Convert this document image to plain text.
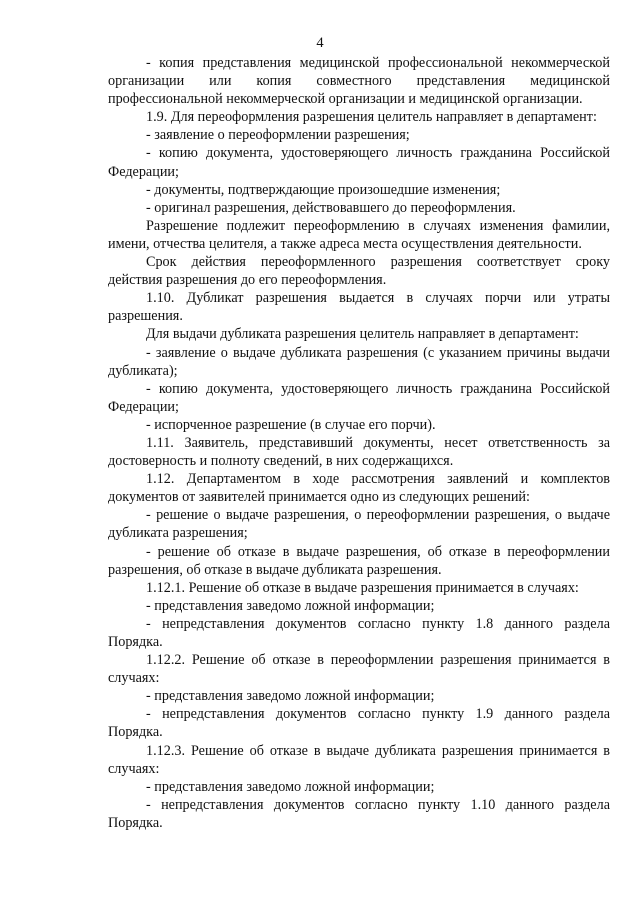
4

- копия представления медицинской профессиональной некоммерческой организации или копия совместного представления медицинской профессиональной некоммерческой организации и медицинской организации.

1.9. Для переоформления разрешения целитель направляет в департамент:

- заявление о переоформлении разрешения;

- копию документа, удостоверяющего личность гражданина Российской Федерации;

- документы, подтверждающие произошедшие изменения;

- оригинал разрешения, действовавшего до переоформления.

Разрешение подлежит переоформлению в случаях изменения фамилии, имени, отчества целителя, а также адреса места осуществления деятельности.

Срок действия переоформленного разрешения соответствует сроку действия разрешения до его переоформления.

1.10. Дубликат разрешения выдается в случаях порчи или утраты разрешения.

Для выдачи дубликата разрешения целитель направляет в департамент:

- заявление о выдаче дубликата разрешения (с указанием причины выдачи дубликата);

- копию документа, удостоверяющего личность гражданина Российской Федерации;

- испорченное разрешение (в случае его порчи).

1.11. Заявитель, представивший документы, несет ответственность за достоверность и полноту сведений, в них содержащихся.

1.12. Департаментом в ходе рассмотрения заявлений и комплектов документов от заявителей принимается одно из следующих решений:

- решение о выдаче разрешения, о переоформлении разрешения, о выдаче дубликата разрешения;

- решение об отказе в выдаче разрешения, об отказе в переоформлении разрешения, об отказе в выдаче дубликата разрешения.

1.12.1. Решение об отказе в выдаче разрешения принимается в случаях:

- представления заведомо ложной информации;

- непредставления документов согласно пункту 1.8 данного раздела Порядка.

1.12.2. Решение об отказе в переоформлении разрешения принимается в случаях:

- представления заведомо ложной информации;

- непредставления документов согласно пункту 1.9 данного раздела Порядка.

1.12.3. Решение об отказе в выдаче дубликата разрешения принимается в случаях:

- представления заведомо ложной информации;

- непредставления документов согласно пункту 1.10 данного раздела Порядка.
